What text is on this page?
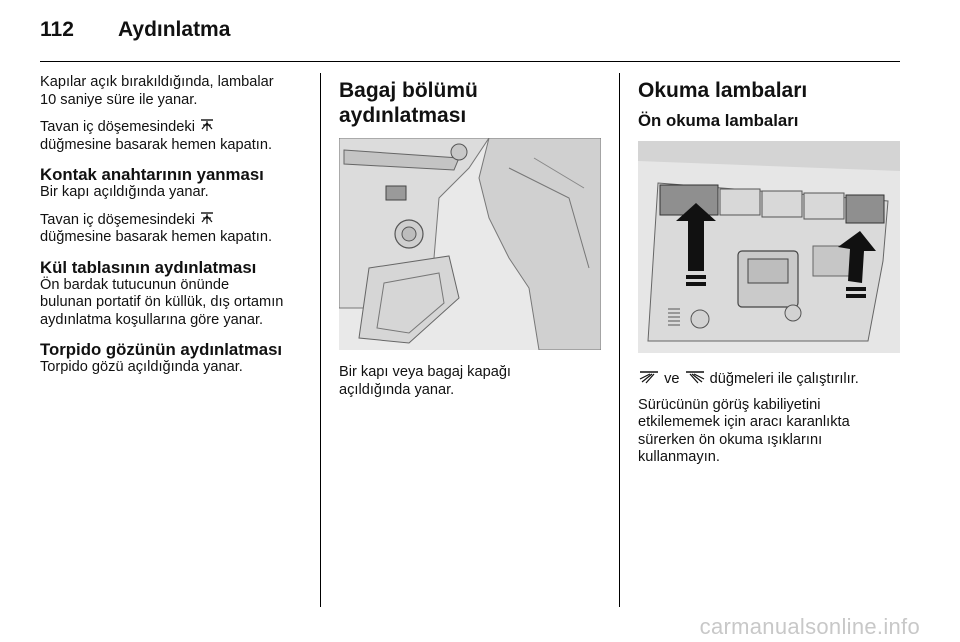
112 Aydınlatma

Kapılar açık bırakıldığında, lambalar

10 saniye süre ile yanar.

Tavan iç döşemesindeki

düğmesine basarak hemen kapatın.

Kontak anahtarının yanması

Bir kapı açıldığında yanar.

Tavan iç döşemesindeki

düğmesine basarak hemen kapatın.

Kül tablasının aydınlatması

Ön bardak tutucunun önünde

bulunan portatif ön küllük, dış ortamın

aydınlatma koşullarına göre yanar.

Torpido gözünün aydınlatması

Torpido gözü açıldığında yanar.

Bagaj bölümü
aydınlatması

Bir kapı veya bagaj kapağı

açıldığında yanar.

Okuma lambaları
Ön okuma lambaları

ve düğmeleri ile çalıştırılır.

Sürücünün görüş kabiliyetini

etkilememek için aracı karanlıkta

sürerken ön okuma ışıklarını

kullanmayın.

carmanualsonline.info
